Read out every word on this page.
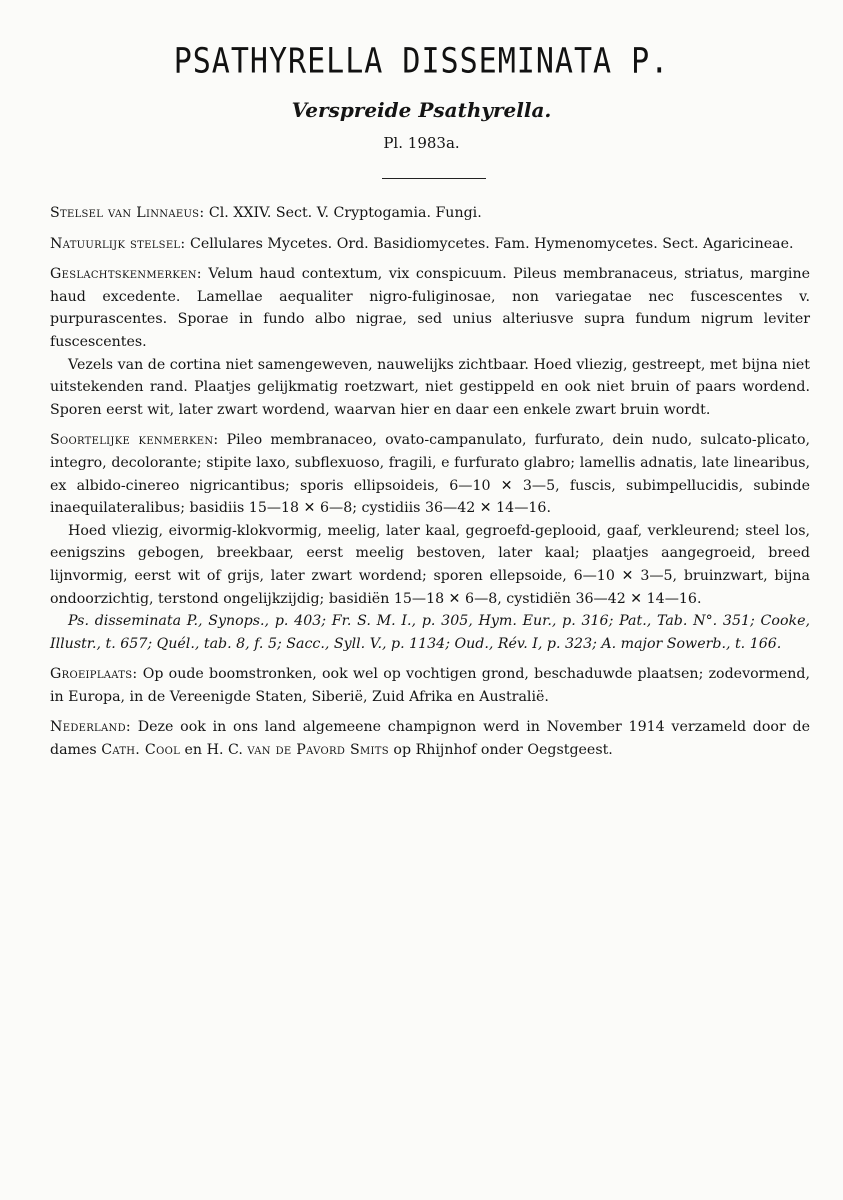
PSATHYRELLA DISSEMINATA P.
Verspreide Psathyrella.
Pl. 1983a.

Stelsel van Linnaeus: Cl. XXIV. Sect. V. Cryptogamia. Fungi.

Natuurlijk stelsel: Cellulares Mycetes. Ord. Basidiomycetes. Fam. Hymenomycetes. Sect. Agaricineae.

Geslachtskenmerken: Velum haud contextum, vix conspicuum. Pileus membranaceus, striatus, margine haud excedente. Lamellae aequaliter nigro-fuliginosae, non variegatae nec fuscescentes v. purpurascentes. Sporae in fundo albo nigrae, sed unius alteriusve supra fundum nigrum leviter fuscescentes.

Vezels van de cortina niet samengeweven, nauwelijks zichtbaar. Hoed vliezig, gestreept, met bijna niet uitstekenden rand. Plaatjes gelijkmatig roetzwart, niet gestippeld en ook niet bruin of paars wordend. Sporen eerst wit, later zwart wordend, waarvan hier en daar een enkele zwart bruin wordt.

Soortelijke kenmerken: Pileo membranaceo, ovato-campanulato, furfurato, dein nudo, sulcato-plicato, integro, decolorante; stipite laxo, subflexuoso, fragili, e furfurato glabro; lamellis adnatis, late linearibus, ex albido-cinereo nigricantibus; sporis ellipsoideis, 6—10 ✕ 3—5, fuscis, subimpellucidis, subinde inaequilateralibus; basidiis 15—18 ✕ 6—8; cystidiis 36—42 ✕ 14—16.

Hoed vliezig, eivormig-klokvormig, meelig, later kaal, gegroefd-geplooid, gaaf, verkleurend; steel los, eenigszins gebogen, breekbaar, eerst meelig bestoven, later kaal; plaatjes aangegroeid, breed lijnvormig, eerst wit of grijs, later zwart wordend; sporen ellepsoide, 6—10 ✕ 3—5, bruinzwart, bijna ondoorzichtig, terstond ongelijkzijdig; basidiën 15—18 ✕ 6—8, cystidiën 36—42 ✕ 14—16.

Ps. disseminata P., Synops., p. 403; Fr. S. M. I., p. 305, Hym. Eur., p. 316; Pat., Tab. N°. 351; Cooke, Illustr., t. 657; Quél., tab. 8, f. 5; Sacc., Syll. V., p. 1134; Oud., Rév. I, p. 323; A. major Sowerb., t. 166.

Groeiplaats: Op oude boomstronken, ook wel op vochtigen grond, beschaduwde plaatsen; zodevormend, in Europa, in de Vereenigde Staten, Siberië, Zuid Afrika en Australië.

Nederland: Deze ook in ons land algemeene champignon werd in November 1914 verzameld door de dames Cath. Cool en H. C. van de Pavord Smits op Rhijnhof onder Oegstgeest.
